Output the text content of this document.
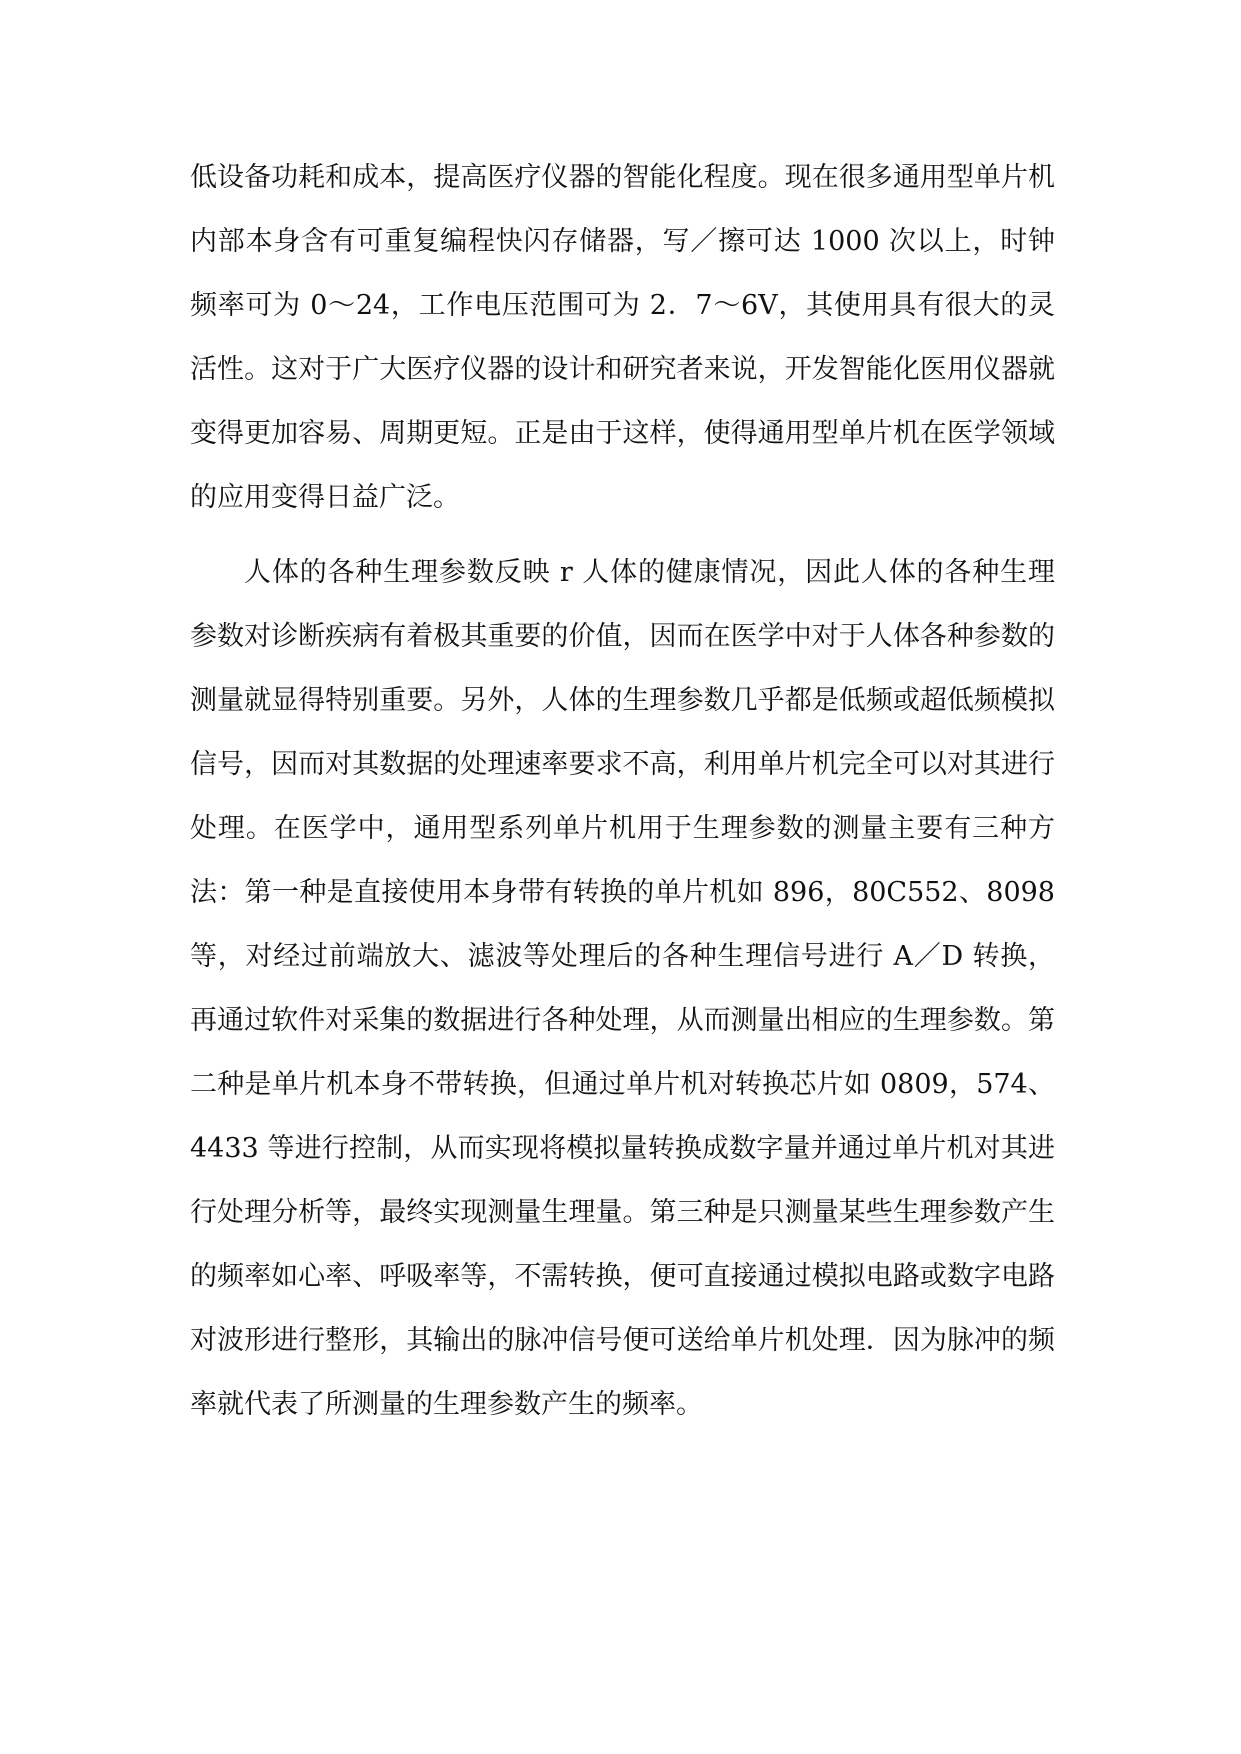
低设备功耗和成本，提高医疗仪器的智能化程度。现在很多通用型单片机内部本身含有可重复编程快闪存储器，写／擦可达 1000 次以上，时钟频率可为 0～24，工作电压范围可为 2．7～6V，其使用具有很大的灵活性。这对于广大医疗仪器的设计和研究者来说，开发智能化医用仪器就变得更加容易、周期更短。正是由于这样，使得通用型单片机在医学领域的应用变得日益广泛。

人体的各种生理参数反映 r 人体的健康情况，因此人体的各种生理参数对诊断疾病有着极其重要的价值，因而在医学中对于人体各种参数的测量就显得特别重要。另外，人体的生理参数几乎都是低频或超低频模拟信号，因而对其数据的处理速率要求不高，利用单片机完全可以对其进行处理。在医学中，通用型系列单片机用于生理参数的测量主要有三种方法：第一种是直接使用本身带有转换的单片机如 896，80C552、8098 等，对经过前端放大、滤波等处理后的各种生理信号进行 A／D 转换，再通过软件对采集的数据进行各种处理，从而测量出相应的生理参数。第二种是单片机本身不带转换，但通过单片机对转换芯片如 0809，574、4433 等进行控制，从而实现将模拟量转换成数字量并通过单片机对其进行处理分析等，最终实现测量生理量。第三种是只测量某些生理参数产生的频率如心率、呼吸率等，不需转换，便可直接通过模拟电路或数字电路对波形进行整形，其输出的脉冲信号便可送给单片机处理．因为脉冲的频率就代表了所测量的生理参数产生的频率。
